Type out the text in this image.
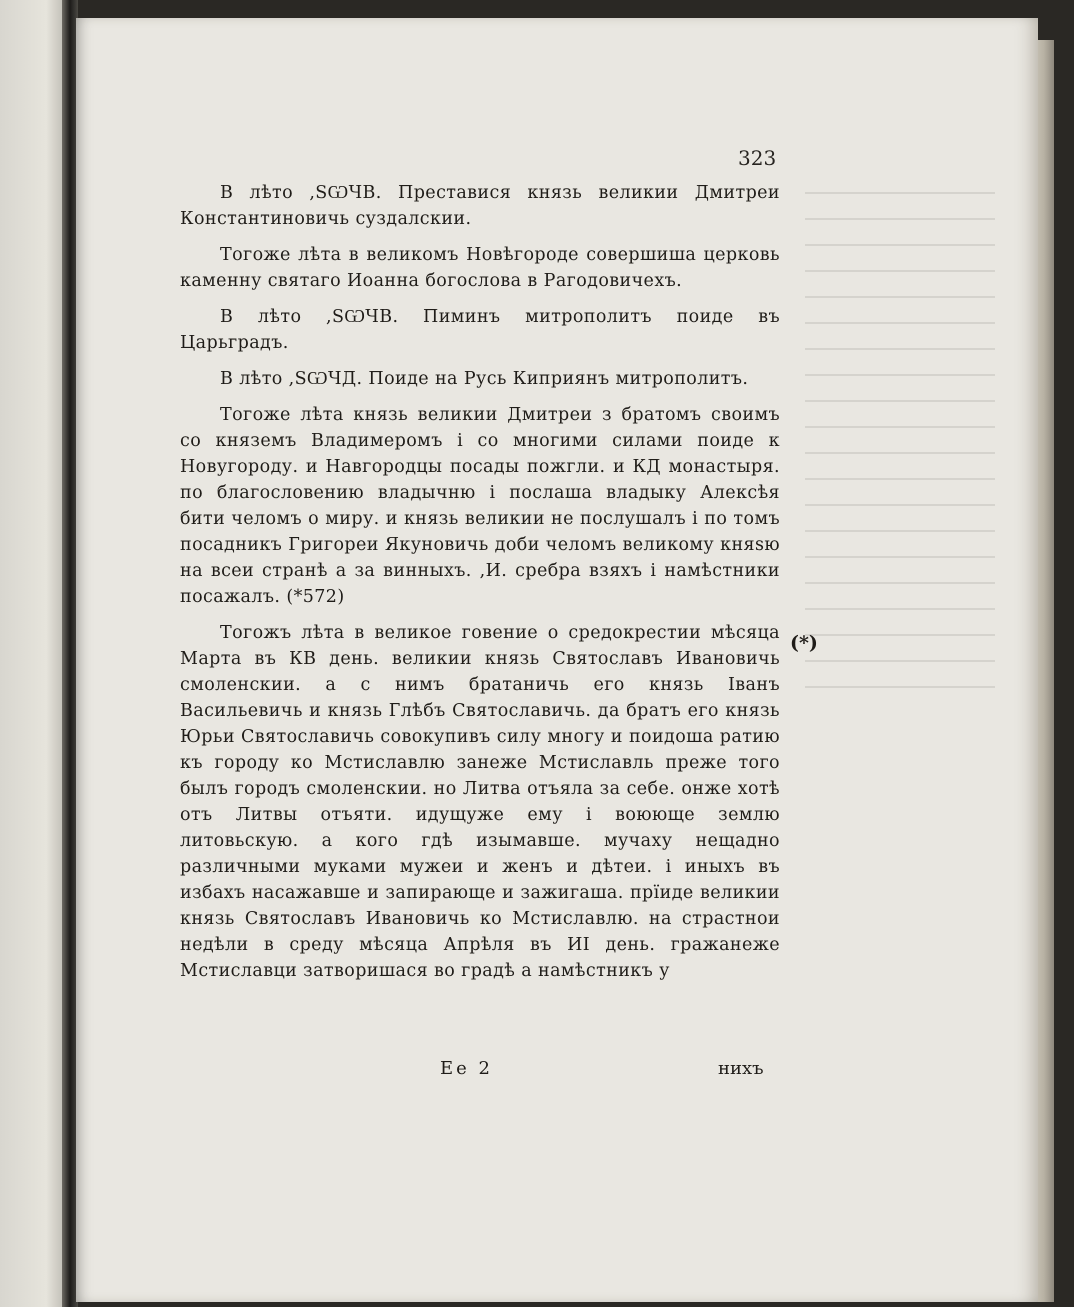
323

В лѣто ,ЅѠЧВ. Преставися князь великии Дмитреи Константиновичь суздалскии.

Тогоже лѣта в великомъ Новѣгороде совершиша церковь каменну святаго Иоанна богослова в Рагодовичехъ.

В лѣто ,ЅѠЧВ. Пиминъ митрополитъ поиде въ Царьградъ.

В лѣто ,ЅѠЧД. Поиде на Русь Киприянъ митрополитъ.

Тогоже лѣта князь великии Дмитреи з братомъ своимъ со княземъ Владимеромъ і со многими силами поиде к Новугороду. и Навгородцы посады пожгли. и КД монастыря. по благословению владычню і послаша владыку Алексѣя бити челомъ о миру. и князь великии не послушалъ і по томъ посадникъ Григореи Якуновичь доби челомъ великому княѕю на всеи странѣ а за винныхъ. ,И. сребра взяхъ і намѣстники посажалъ. (*572)

Тогожъ лѣта в великое говение о средокрестии мѣсяца Марта въ КВ день. великии князь Святославъ Ивановичь смоленскии. а с нимъ братаничь его князь Іванъ Васильевичь и князь Глѣбъ Святославичь. да братъ его князь Юрьи Святославичь совокупивъ силу многу и поидоша ратию къ городу ко Мстиславлю занеже Мстиславль преже того былъ городъ смоленскии. но Литва отъяла за себе. онже хотѣ отъ Литвы отъяти. идущуже ему і воююще землю литовьскую. а кого гдѣ изымавше. мучаху нещадно различными муками мужеи и женъ и дѣтеи. і иныхъ въ избахъ насажавше и запирающе и зажигаша. прїиде великии князь Святославъ Ивановичь ко Мстиславлю. на страстнои недѣли в среду мѣсяца Апрѣля въ ИІ день. гражанеже Мстиславци затворишася во градѣ а намѣстникъ у

(*)
Ее 2	нихъ
